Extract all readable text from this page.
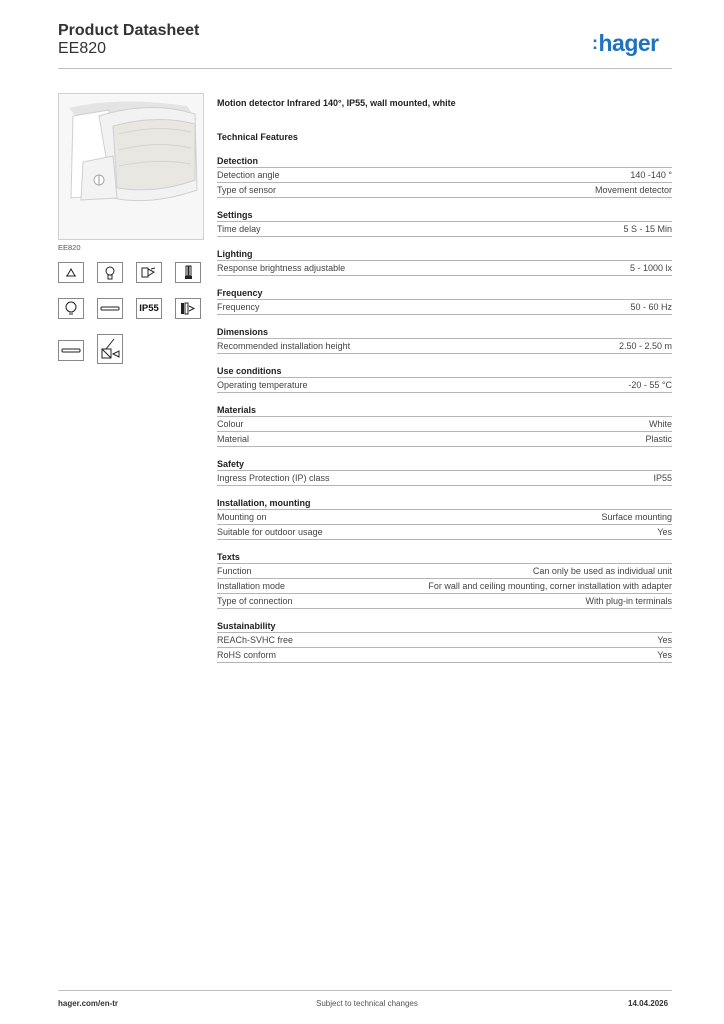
Product Datasheet
EE820	:hager
EE820
IP55
Motion detector Infrared 140°, IP55, wall mounted, white
Technical Features
Detection
Detection angle	140 -140 °
Type of sensor	Movement detector
Settings
Time delay	5 S - 15 Min
Lighting
Response brightness adjustable	5 - 1000 lx
Frequency
Frequency	50 - 60 Hz
Dimensions
Recommended installation height	2.50 - 2.50 m
Use conditions
Operating temperature	-20 - 55 °C
Materials
Colour	White
Material	Plastic
Safety
Ingress Protection (IP) class	IP55
Installation, mounting
Mounting on	Surface mounting
Suitable for outdoor usage	Yes
Texts
Function	Can only be used as individual unit
Installation mode	For wall and ceiling mounting, corner installation with adapter
Type of connection	With plug-in terminals
Sustainability
REACh-SVHC free	Yes
RoHS conform	Yes
hager.com/en-tr	Subject to technical changes	14.04.2026
